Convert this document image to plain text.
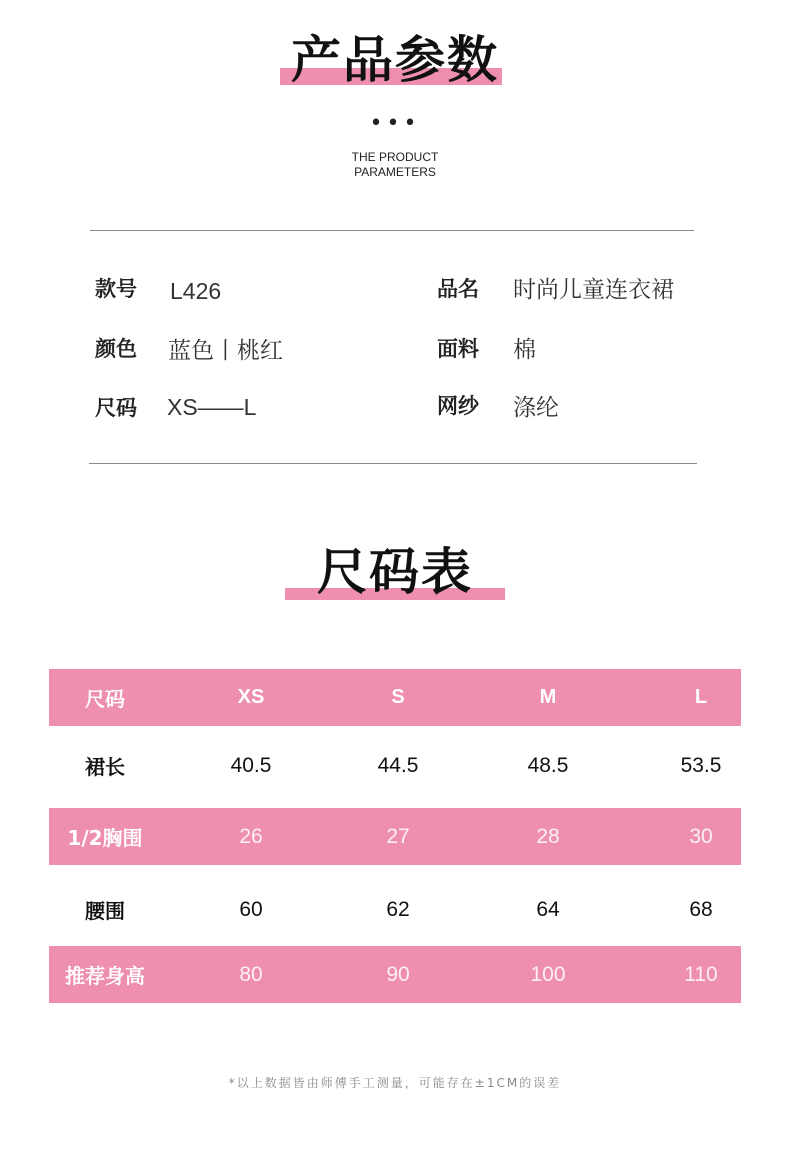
产品参数
•••
THE PRODUCT
PARAMETERS
款号 L426
颜色 蓝色丨桃红
尺码 XS——L
品名 时尚儿童连衣裙
面料 棉
网纱 涤纶
尺码表
尺码	XS	S	M	L
裙长	40.5	44.5	48.5	53.5
1/2胸围	26	27	28	30
腰围	60	62	64	68
推荐身高	80	90	100	110
*以上数据皆由师傅手工测量，可能存在±1CM的误差
